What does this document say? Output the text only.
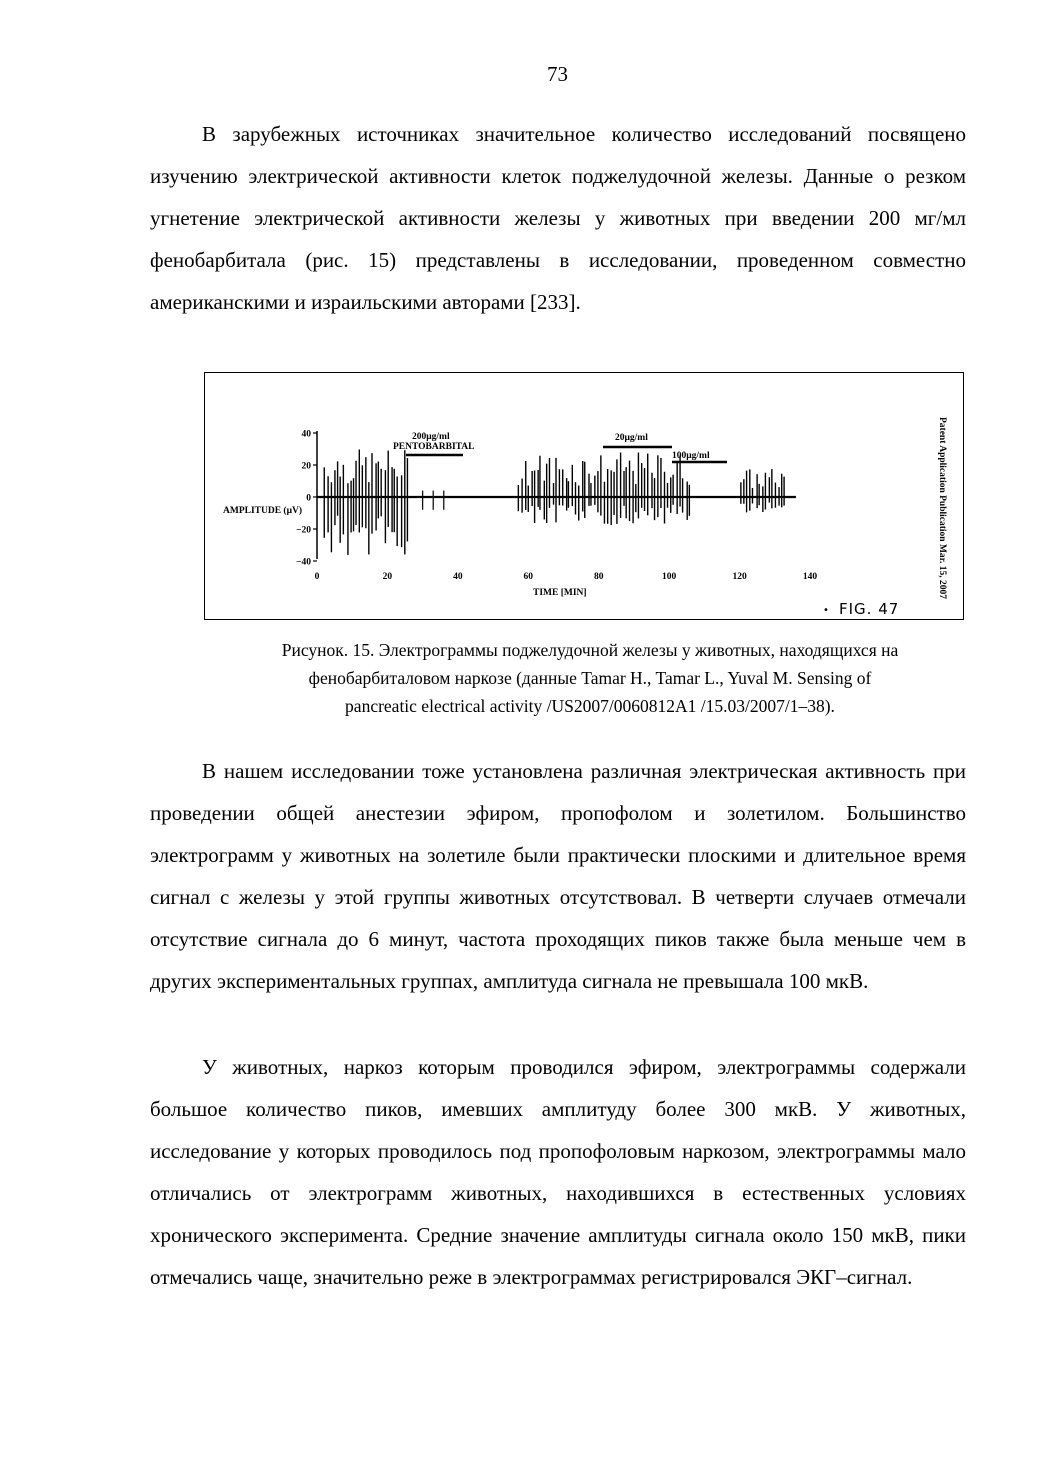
73

В зарубежных источниках значительное количество исследований посвящено изучению электрической активности клеток поджелудочной железы. Данные о резком угнетение электрической активности железы у животных при введении 200 мг/мл фенобарбитала (рис. 15) представлены в исследовании, проведенном совместно американскими и израильскими авторами [233].

40
20
0
−20
−40
0	20	40	60	80	100	120	140
AMPLITUDE (μV)
TIME [MIN]
200μg/ml
PENTOBARBITAL
20μg/ml
100μg/ml	Patent Application Publication Mar. 15, 2007
• FIG. 47
Рисунок. 15. Электрограммы поджелудочной железы у животных, находящихся на
фенобарбиталовом наркозе (данные Tamar H., Tamar L., Yuval M. Sensing of
pancreatic electrical activity /US2007/0060812A1 /15.03/2007/1–38).

В нашем исследовании тоже установлена различная электрическая активность при проведении общей анестезии эфиром, пропофолом и золетилом. Большинство электрограмм у животных на золетиле были практически плоскими и длительное время сигнал с железы у этой группы животных отсутствовал. В четверти случаев отмечали отсутствие сигнала до 6 минут, частота проходящих пиков также была меньше чем в других экспериментальных группах, амплитуда сигнала не превышала 100 мкВ.

У животных, наркоз которым проводился эфиром, электрограммы содержали большое количество пиков, имевших амплитуду более 300 мкВ. У животных, исследование у которых проводилось под пропофоловым наркозом, электрограммы мало отличались от электрограмм животных, находившихся в естественных условиях хронического эксперимента. Средние значение амплитуды сигнала около 150 мкВ, пики отмечались чаще, значительно реже в электрограммах регистрировался ЭКГ–сигнал.
